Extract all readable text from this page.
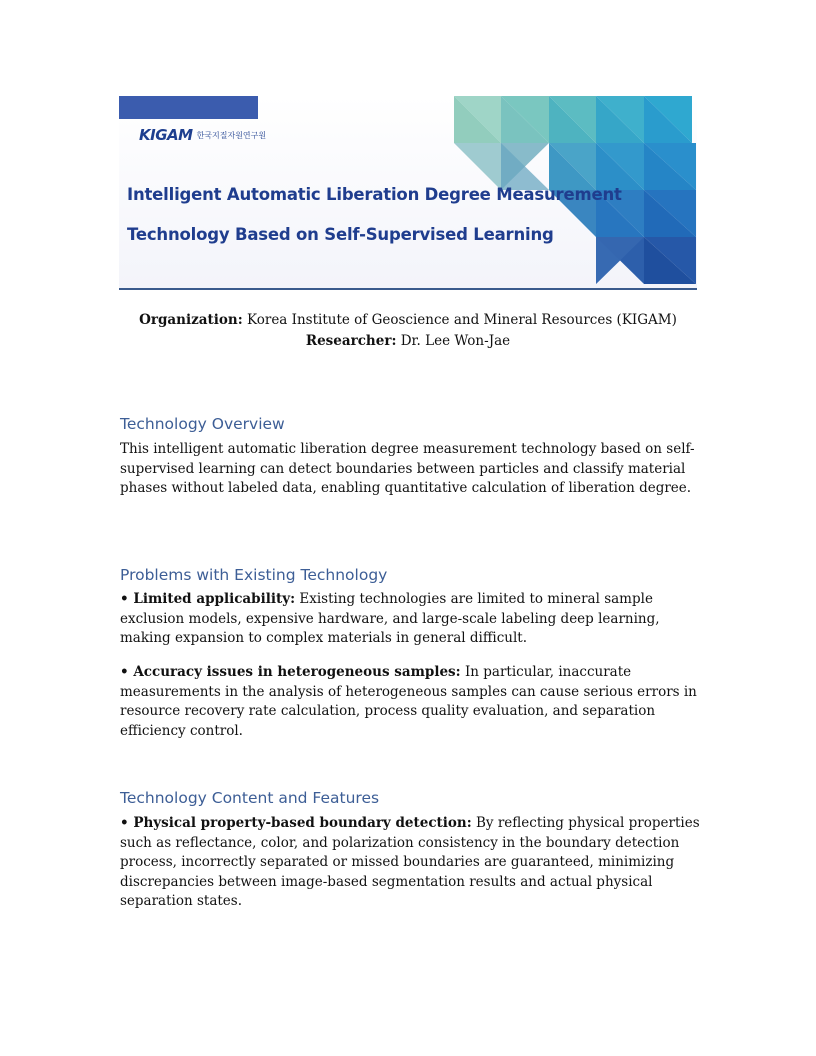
KIGAM 한국지질자원연구원
Intelligent Automatic Liberation Degree Measurement
Technology Based on Self-Supervised Learning
Organization: Korea Institute of Geoscience and Mineral Resources (KIGAM)
Researcher: Dr. Lee Won-Jae
Technology Overview

This intelligent automatic liberation degree measurement technology based on self-supervised learning can detect boundaries between particles and classify material phases without labeled data, enabling quantitative calculation of liberation degree.

Problems with Existing Technology

• Limited applicability: Existing technologies are limited to mineral sample exclusion models, expensive hardware, and large-scale labeling deep learning, making expansion to complex materials in general difficult.

• Accuracy issues in heterogeneous samples: In particular, inaccurate measurements in the analysis of heterogeneous samples can cause serious errors in resource recovery rate calculation, process quality evaluation, and separation efficiency control.

Technology Content and Features

• Physical property-based boundary detection: By reflecting physical properties such as reflectance, color, and polarization consistency in the boundary detection process, incorrectly separated or missed boundaries are guaranteed, minimizing discrepancies between image-based segmentation results and actual physical separation states.
